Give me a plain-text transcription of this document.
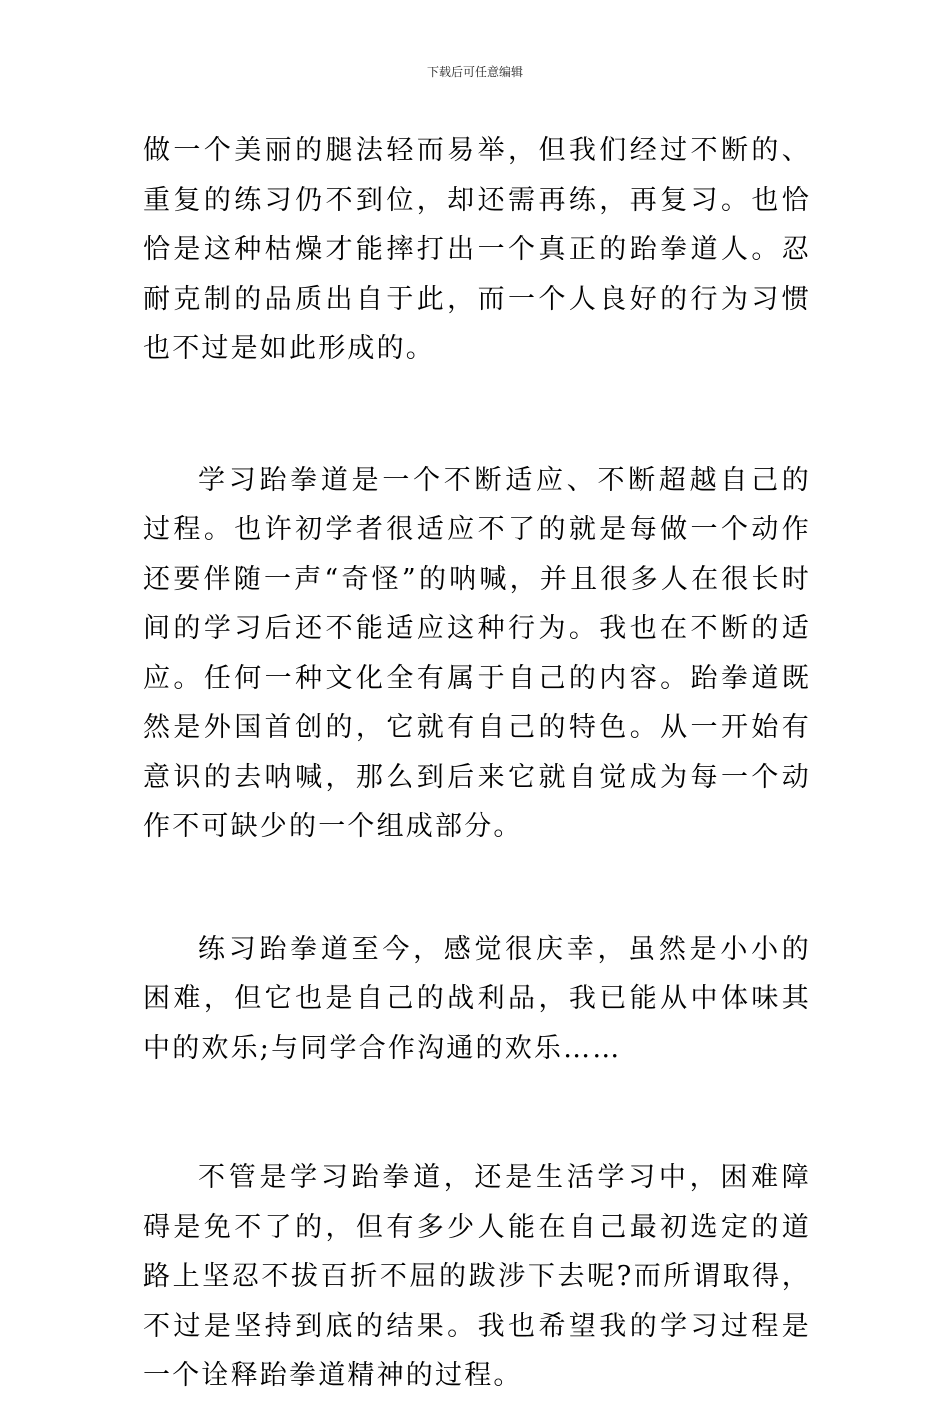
下载后可任意编辑

做一个美丽的腿法轻而易举，但我们经过不断的、重复的练习仍不到位，却还需再练，再复习。也恰恰是这种枯燥才能摔打出一个真正的跆拳道人。忍耐克制的品质出自于此，而一个人良好的行为习惯也不过是如此形成的。

学习跆拳道是一个不断适应、不断超越自己的过程。也许初学者很适应不了的就是每做一个动作还要伴随一声“奇怪”的呐喊，并且很多人在很长时间的学习后还不能适应这种行为。我也在不断的适应。任何一种文化全有属于自己的内容。跆拳道既然是外国首创的，它就有自己的特色。从一开始有意识的去呐喊，那么到后来它就自觉成为每一个动作不可缺少的一个组成部分。

练习跆拳道至今，感觉很庆幸，虽然是小小的困难，但它也是自己的战利品，我已能从中体味其中的欢乐;与同学合作沟通的欢乐……

不管是学习跆拳道，还是生活学习中，困难障碍是免不了的，但有多少人能在自己最初选定的道路上坚忍不拔百折不屈的跋涉下去呢?而所谓取得，不过是坚持到底的结果。我也希望我的学习过程是一个诠释跆拳道精神的过程。
